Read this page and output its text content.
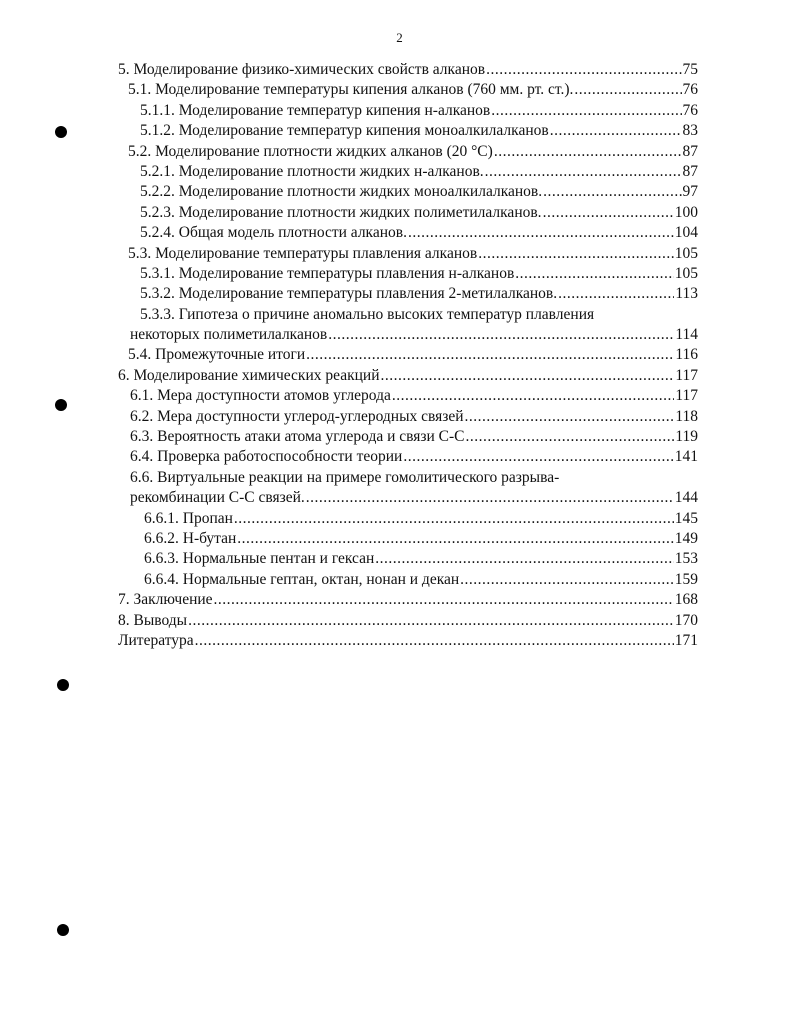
2
5. Моделирование физико-химических свойств алканов .....	75
5.1. Моделирование температуры кипения алканов (760 мм. рт. ст.). .....	76
5.1.1. Моделирование температур кипения н-алканов .....	76
5.1.2. Моделирование температур кипения моноалкилалканов .....	83
5.2. Моделирование плотности жидких алканов (20 °С) .....	87
5.2.1. Моделирование плотности жидких н-алканов. .....	87
5.2.2. Моделирование плотности жидких моноалкилалканов. .....	97
5.2.3. Моделирование плотности жидких полиметилалканов. .....	100
5.2.4. Общая модель плотности алканов. .....	104
5.3. Моделирование температуры плавления алканов .....	105
5.3.1. Моделирование температуры плавления н-алканов .....	105
5.3.2. Моделирование температуры плавления 2-метилалканов. .....	113
5.3.3. Гипотеза о причине аномально высоких температур плавления
некоторых полиметилалканов .....	114
5.4. Промежуточные итоги .....	116
6. Моделирование химических реакций .....	117
6.1. Мера доступности атомов углерода .....	117
6.2. Мера доступности углерод-углеродных связей .....	118
6.3. Вероятность атаки атома углерода и связи С-С .....	119
6.4. Проверка работоспособности теории .....	141
6.6. Виртуальные реакции на примере гомолитического разрыва-
рекомбинации С-С связей. .....	144
6.6.1. Пропан .....	145
6.6.2. Н-бутан .....	149
6.6.3. Нормальные пентан и гексан .....	153
6.6.4. Нормальные гептан, октан, нонан и декан .....	159
7. Заключение .....	168
8. Выводы .....	170
Литература .....	171
